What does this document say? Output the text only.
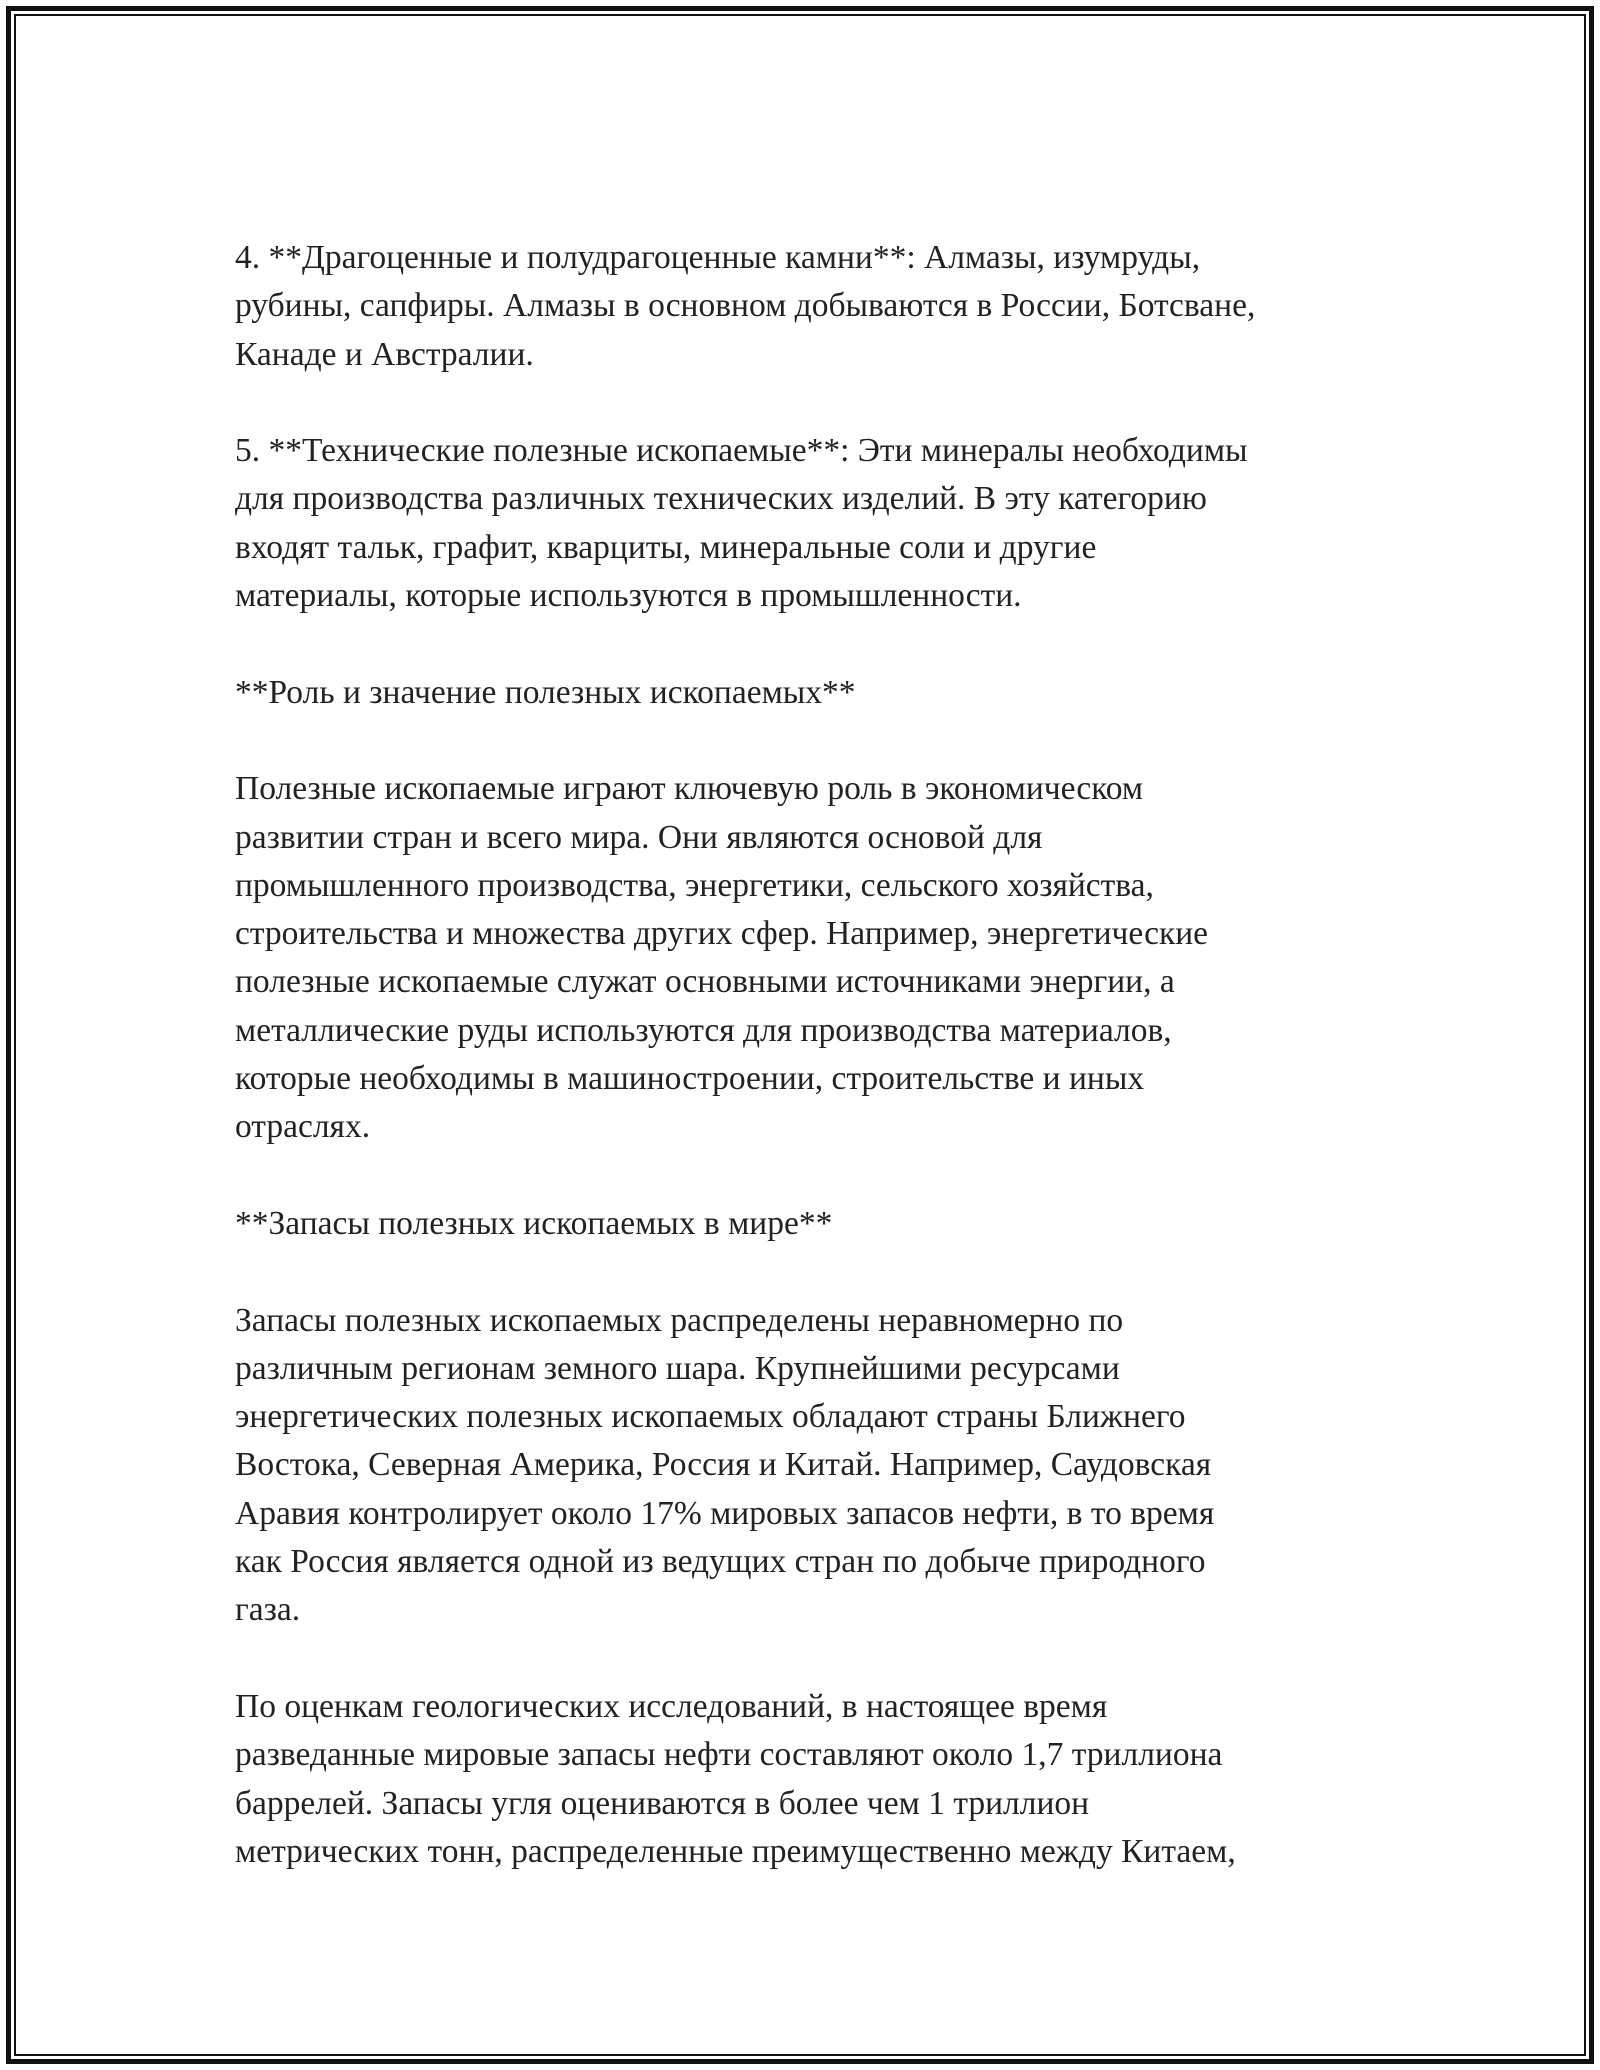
4. **Драгоценные и полудрагоценные камни**: Алмазы, изумруды,
рубины, сапфиры. Алмазы в основном добываются в России, Ботсване,
Канаде и Австралии.

5. **Технические полезные ископаемые**: Эти минералы необходимы
для производства различных технических изделий. В эту категорию
входят тальк, графит, кварциты, минеральные соли и другие
материалы, которые используются в промышленности.

**Роль и значение полезных ископаемых**

Полезные ископаемые играют ключевую роль в экономическом
развитии стран и всего мира. Они являются основой для
промышленного производства, энергетики, сельского хозяйства,
строительства и множества других сфер. Например, энергетические
полезные ископаемые служат основными источниками энергии, а
металлические руды используются для производства материалов,
которые необходимы в машиностроении, строительстве и иных
отраслях.

**Запасы полезных ископаемых в мире**

Запасы полезных ископаемых распределены неравномерно по
различным регионам земного шара. Крупнейшими ресурсами
энергетических полезных ископаемых обладают страны Ближнего
Востока, Северная Америка, Россия и Китай. Например, Саудовская
Аравия контролирует около 17% мировых запасов нефти, в то время
как Россия является одной из ведущих стран по добыче природного
газа.

По оценкам геологических исследований, в настоящее время
разведанные мировые запасы нефти составляют около 1,7 триллиона
баррелей. Запасы угля оцениваются в более чем 1 триллион
метрических тонн, распределенные преимущественно между Китаем,
